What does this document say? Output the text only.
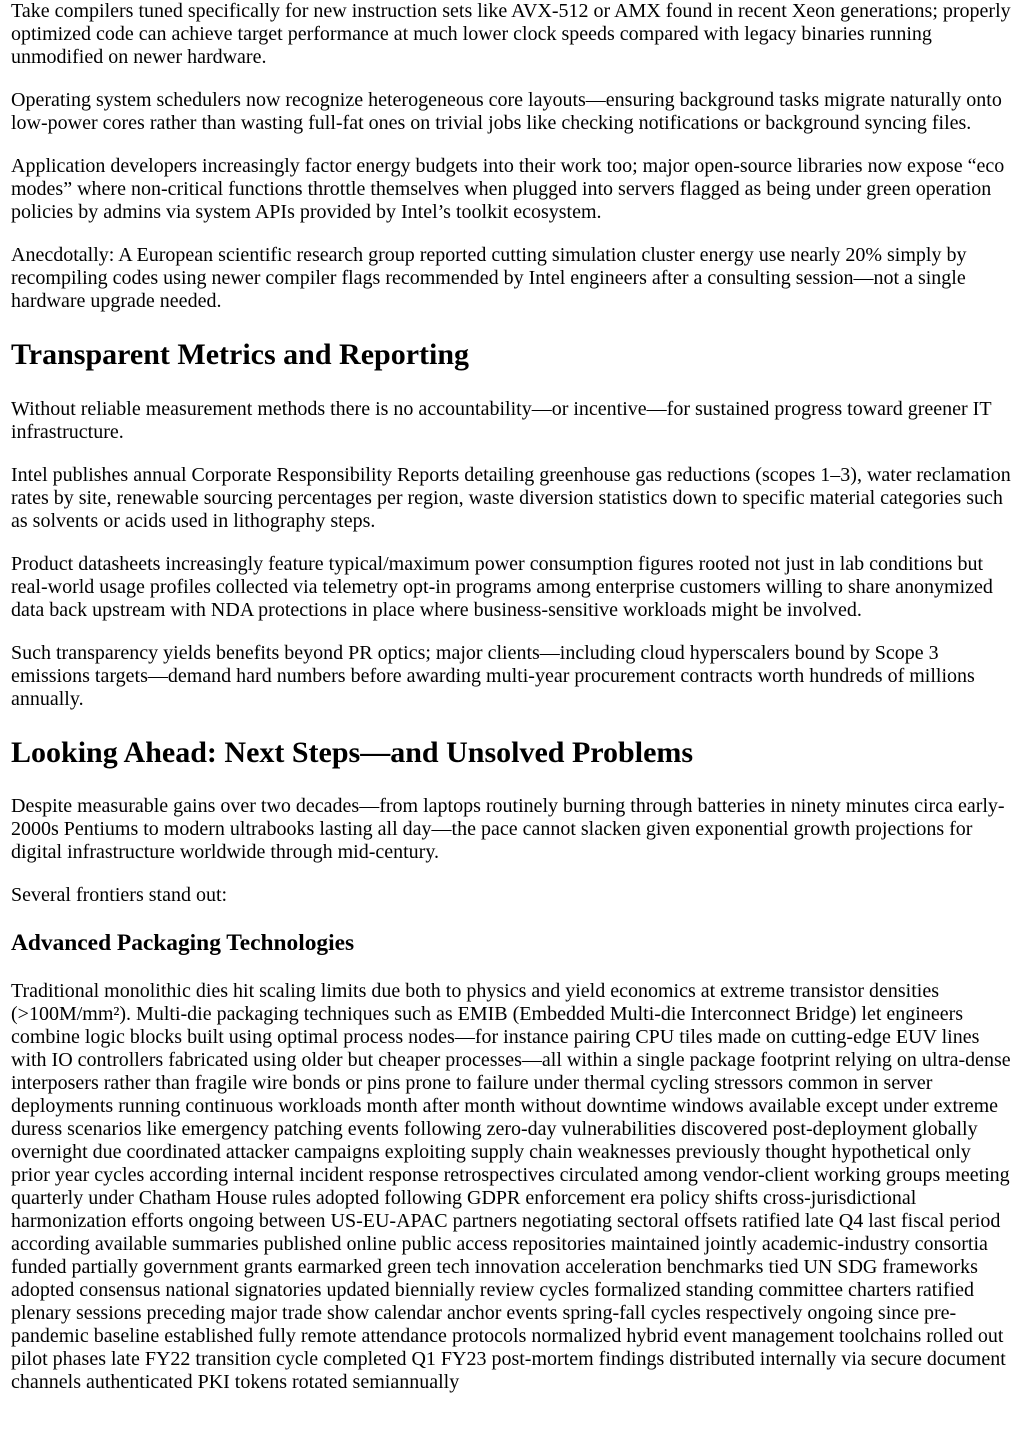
Take compilers tuned specifically for new instruction sets like AVX-512 or AMX found in recent Xeon generations; properly optimized code can achieve target performance at much lower clock speeds compared with legacy binaries running unmodified on newer hardware.

Operating system schedulers now recognize heterogeneous core layouts—ensuring background tasks migrate naturally onto low-power cores rather than wasting full-fat ones on trivial jobs like checking notifications or background syncing files.

Application developers increasingly factor energy budgets into their work too; major open-source libraries now expose “eco modes” where non-critical functions throttle themselves when plugged into servers flagged as being under green operation policies by admins via system APIs provided by Intel’s toolkit ecosystem.

Anecdotally: A European scientific research group reported cutting simulation cluster energy use nearly 20% simply by recompiling codes using newer compiler flags recommended by Intel engineers after a consulting session—not a single hardware upgrade needed.

Transparent Metrics and Reporting

Without reliable measurement methods there is no accountability—or incentive—for sustained progress toward greener IT infrastructure.

Intel publishes annual Corporate Responsibility Reports detailing greenhouse gas reductions (scopes 1–3), water reclamation rates by site, renewable sourcing percentages per region, waste diversion statistics down to specific material categories such as solvents or acids used in lithography steps.

Product datasheets increasingly feature typical/maximum power consumption figures rooted not just in lab conditions but real-world usage profiles collected via telemetry opt-in programs among enterprise customers willing to share anonymized data back upstream with NDA protections in place where business-sensitive workloads might be involved.

Such transparency yields benefits beyond PR optics; major clients—including cloud hyperscalers bound by Scope 3 emissions targets—demand hard numbers before awarding multi-year procurement contracts worth hundreds of millions annually.

Looking Ahead: Next Steps—and Unsolved Problems

Despite measurable gains over two decades—from laptops routinely burning through batteries in ninety minutes circa early-2000s Pentiums to modern ultrabooks lasting all day—the pace cannot slacken given exponential growth projections for digital infrastructure worldwide through mid-century.

Several frontiers stand out:

Advanced Packaging Technologies

Traditional monolithic dies hit scaling limits due both to physics and yield economics at extreme transistor densities (>100M/mm²). Multi-die packaging techniques such as EMIB (Embedded Multi-die Interconnect Bridge) let engineers combine logic blocks built using optimal process nodes—for instance pairing CPU tiles made on cutting-edge EUV lines with IO controllers fabricated using older but cheaper processes—all within a single package footprint relying on ultra-dense interposers rather than fragile wire bonds or pins prone to failure under thermal cycling stressors common in server deployments running continuous workloads month after month without downtime windows available except under extreme duress scenarios like emergency patching events following zero-day vulnerabilities discovered post-deployment globally overnight due coordinated attacker campaigns exploiting supply chain weaknesses previously thought hypothetical only prior year cycles according internal incident response retrospectives circulated among vendor-client working groups meeting quarterly under Chatham House rules adopted following GDPR enforcement era policy shifts cross-jurisdictional harmonization efforts ongoing between US-EU-APAC partners negotiating sectoral offsets ratified late Q4 last fiscal period according available summaries published online public access repositories maintained jointly academic-industry consortia funded partially government grants earmarked green tech innovation acceleration benchmarks tied UN SDG frameworks adopted consensus national signatories updated biennially review cycles formalized standing committee charters ratified plenary sessions preceding major trade show calendar anchor events spring-fall cycles respectively ongoing since pre-pandemic baseline established fully remote attendance protocols normalized hybrid event management toolchains rolled out pilot phases late FY22 transition cycle completed Q1 FY23 post-mortem findings distributed internally via secure document channels authenticated PKI tokens rotated semiannually
